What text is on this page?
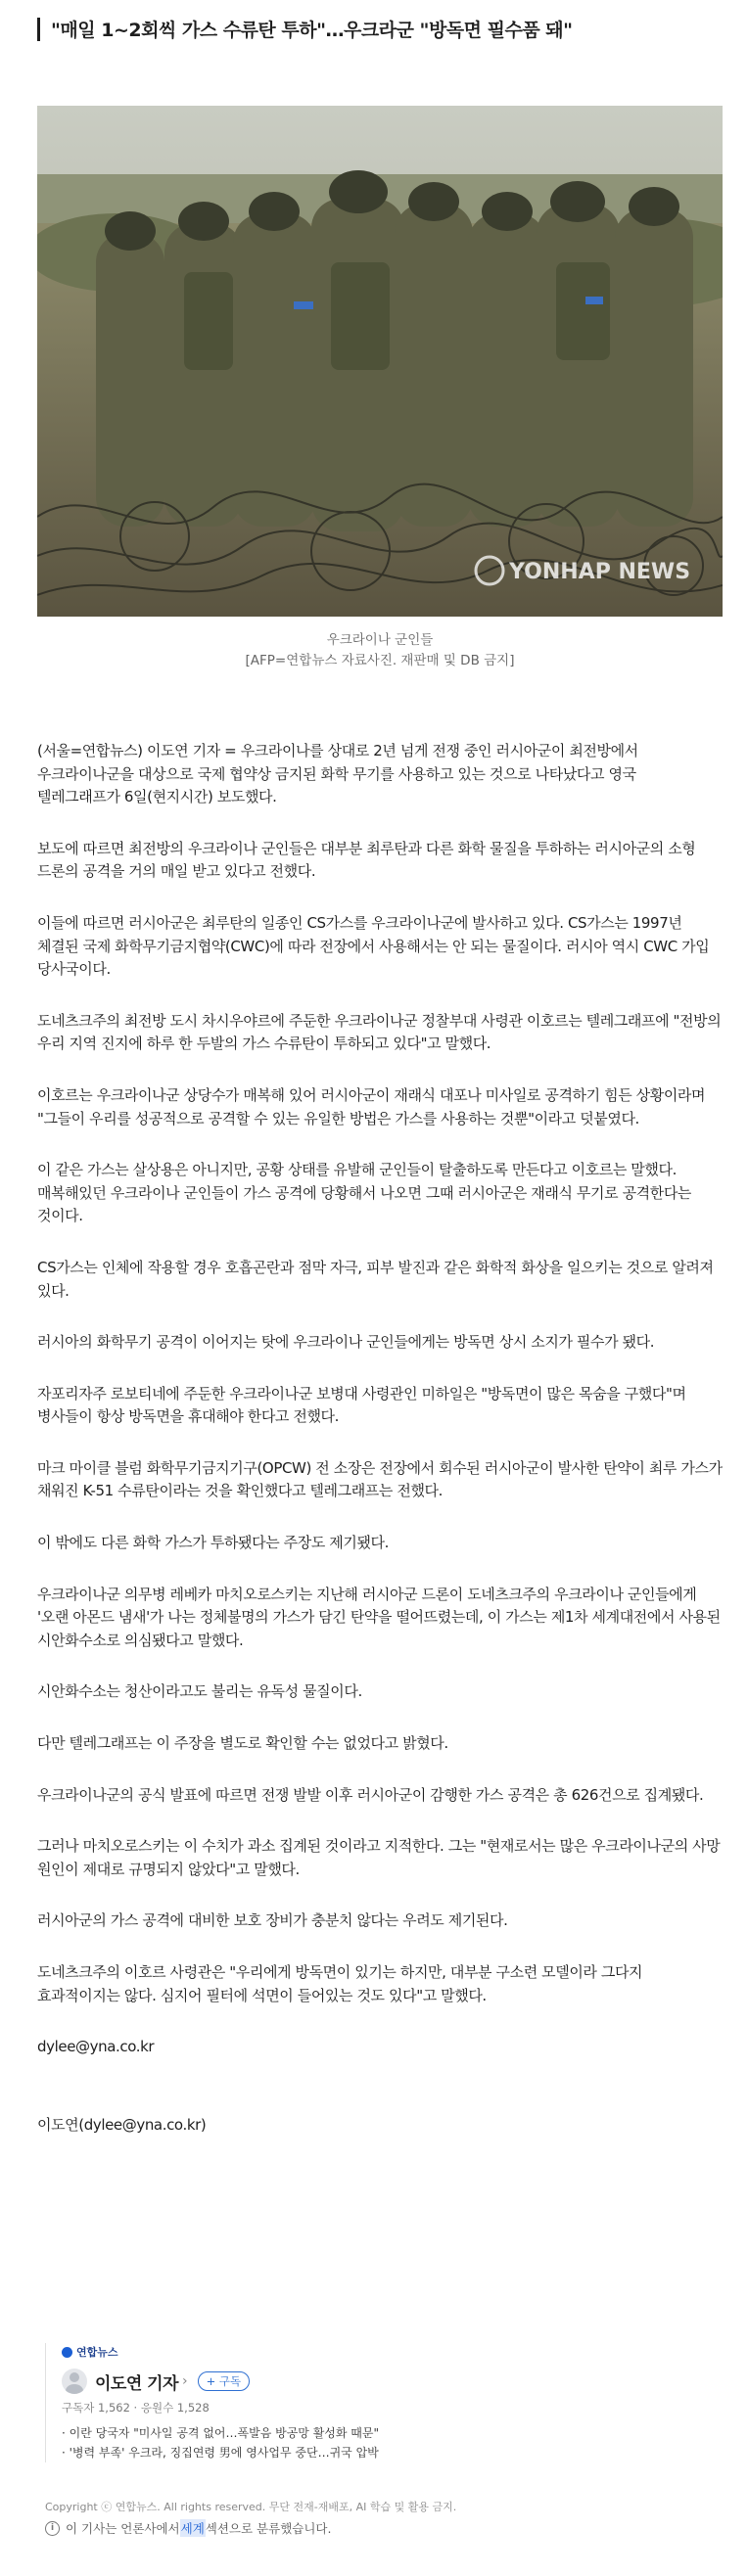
"매일 1~2회씩 가스 수류탄 투하"…우크라군 "방독면 필수품 돼"
YONHAP NEWS
우크라이나 군인들
[AFP=연합뉴스 자료사진. 재판매 및 DB 금지]

(서울=연합뉴스) 이도연 기자 = 우크라이나를 상대로 2년 넘게 전쟁 중인 러시아군이 최전방에서 우크라이나군을 대상으로 국제 협약상 금지된 화학 무기를 사용하고 있는 것으로 나타났다고 영국 텔레그래프가 6일(현지시간) 보도했다.

보도에 따르면 최전방의 우크라이나 군인들은 대부분 최루탄과 다른 화학 물질을 투하하는 러시아군의 소형 드론의 공격을 거의 매일 받고 있다고 전했다.

이들에 따르면 러시아군은 최루탄의 일종인 CS가스를 우크라이나군에 발사하고 있다. CS가스는 1997년 체결된 국제 화학무기금지협약(CWC)에 따라 전장에서 사용해서는 안 되는 물질이다. 러시아 역시 CWC 가입 당사국이다.

도네츠크주의 최전방 도시 차시우야르에 주둔한 우크라이나군 정찰부대 사령관 이호르는 텔레그래프에 "전방의 우리 지역 진지에 하루 한 두발의 가스 수류탄이 투하되고 있다"고 말했다.

이호르는 우크라이나군 상당수가 매복해 있어 러시아군이 재래식 대포나 미사일로 공격하기 힘든 상황이라며 "그들이 우리를 성공적으로 공격할 수 있는 유일한 방법은 가스를 사용하는 것뿐"이라고 덧붙였다.

이 같은 가스는 살상용은 아니지만, 공황 상태를 유발해 군인들이 탈출하도록 만든다고 이호르는 말했다. 매복해있던 우크라이나 군인들이 가스 공격에 당황해서 나오면 그때 러시아군은 재래식 무기로 공격한다는 것이다.

CS가스는 인체에 작용할 경우 호흡곤란과 점막 자극, 피부 발진과 같은 화학적 화상을 일으키는 것으로 알려져 있다.

러시아의 화학무기 공격이 이어지는 탓에 우크라이나 군인들에게는 방독면 상시 소지가 필수가 됐다.

자포리자주 로보티네에 주둔한 우크라이나군 보병대 사령관인 미하일은 "방독면이 많은 목숨을 구했다"며 병사들이 항상 방독면을 휴대해야 한다고 전했다.

마크 마이클 블럼 화학무기금지기구(OPCW) 전 소장은 전장에서 회수된 러시아군이 발사한 탄약이 최루 가스가 채워진 K-51 수류탄이라는 것을 확인했다고 텔레그래프는 전했다.

이 밖에도 다른 화학 가스가 투하됐다는 주장도 제기됐다.

우크라이나군 의무병 레베카 마치오로스키는 지난해 러시아군 드론이 도네츠크주의 우크라이나 군인들에게 '오랜 아몬드 냄새'가 나는 정체불명의 가스가 담긴 탄약을 떨어뜨렸는데, 이 가스는 제1차 세계대전에서 사용된 시안화수소로 의심됐다고 말했다.

시안화수소는 청산이라고도 불리는 유독성 물질이다.

다만 텔레그래프는 이 주장을 별도로 확인할 수는 없었다고 밝혔다.

우크라이나군의 공식 발표에 따르면 전쟁 발발 이후 러시아군이 감행한 가스 공격은 총 626건으로 집계됐다.

그러나 마치오로스키는 이 수치가 과소 집계된 것이라고 지적한다. 그는 "현재로서는 많은 우크라이나군의 사망 원인이 제대로 규명되지 않았다"고 말했다.

러시아군의 가스 공격에 대비한 보호 장비가 충분치 않다는 우려도 제기된다.

도네츠크주의 이호르 사령관은 "우리에게 방독면이 있기는 하지만, 대부분 구소련 모델이라 그다지 효과적이지는 않다. 심지어 필터에 석면이 들어있는 것도 있다"고 말했다.

dylee@yna.co.kr

이도연(dylee@yna.co.kr)

연합뉴스
이도연 기자 ›	+ 구독
구독자 1,562 · 응원수 1,528
· 이란 당국자 "미사일 공격 없어…폭발음 방공망 활성화 때문"
· '병력 부족' 우크라, 징집연령 男에 영사업무 중단…귀국 압박
Copyright ⓒ 연합뉴스. All rights reserved. 무단 전재-재배포, AI 학습 및 활용 금지.
i 이 기사는 언론사에서 세계 섹션으로 분류했습니다.
